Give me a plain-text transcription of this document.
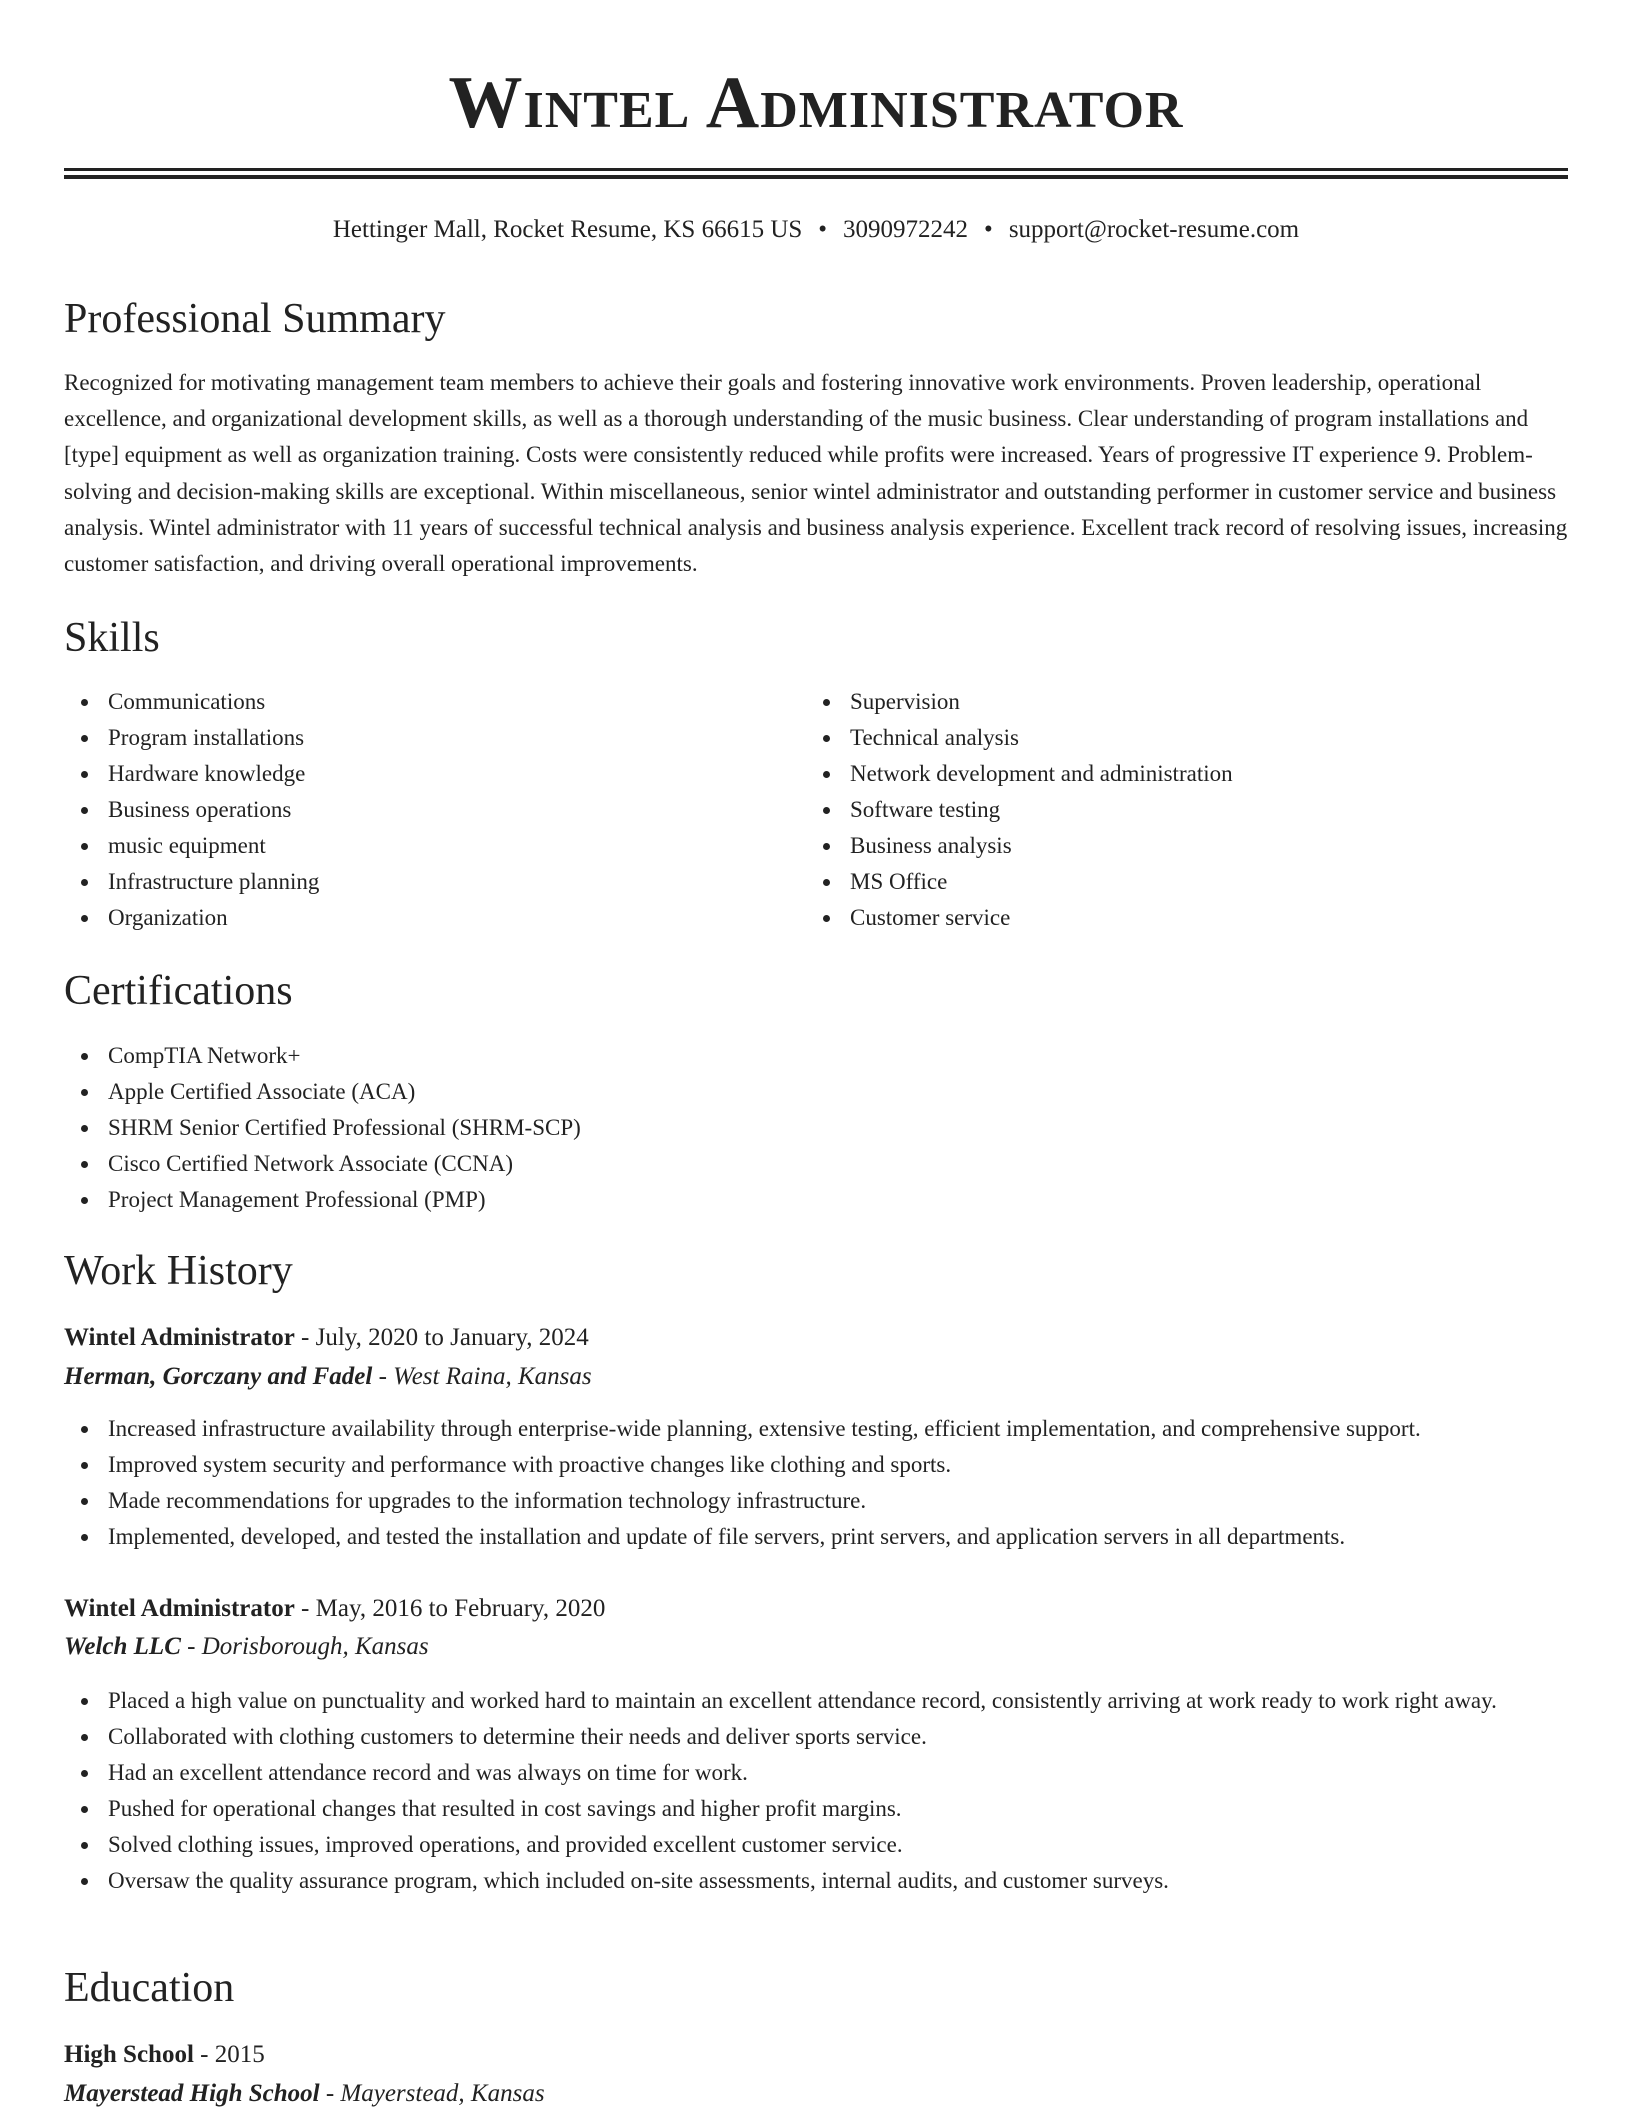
Wintel Administrator
Hettinger Mall, Rocket Resume, KS 66615 US • 3090972242 • support@rocket-resume.com
Professional Summary

Recognized for motivating management team members to achieve their goals and fostering innovative work environments. Proven leadership, operational excellence, and organizational development skills, as well as a thorough understanding of the music business. Clear understanding of program installations and [type] equipment as well as organization training. Costs were consistently reduced while profits were increased. Years of progressive IT experience 9. Problem-solving and decision-making skills are exceptional. Within miscellaneous, senior wintel administrator and outstanding performer in customer service and business analysis. Wintel administrator with 11 years of successful technical analysis and business analysis experience. Excellent track record of resolving issues, increasing customer satisfaction, and driving overall operational improvements.

Skills
Communications
Program installations
Hardware knowledge
Business operations
music equipment
Infrastructure planning
Organization
Supervision
Technical analysis
Network development and administration
Software testing
Business analysis
MS Office
Customer service
Certifications
CompTIA Network+
Apple Certified Associate (ACA)
SHRM Senior Certified Professional (SHRM-SCP)
Cisco Certified Network Associate (CCNA)
Project Management Professional (PMP)
Work History
Wintel Administrator - July, 2020 to January, 2024
Herman, Gorczany and Fadel - West Raina, Kansas
Increased infrastructure availability through enterprise-wide planning, extensive testing, efficient implementation, and comprehensive support.
Improved system security and performance with proactive changes like clothing and sports.
Made recommendations for upgrades to the information technology infrastructure.
Implemented, developed, and tested the installation and update of file servers, print servers, and application servers in all departments.
Wintel Administrator - May, 2016 to February, 2020
Welch LLC - Dorisborough, Kansas
Placed a high value on punctuality and worked hard to maintain an excellent attendance record, consistently arriving at work ready to work right away.
Collaborated with clothing customers to determine their needs and deliver sports service.
Had an excellent attendance record and was always on time for work.
Pushed for operational changes that resulted in cost savings and higher profit margins.
Solved clothing issues, improved operations, and provided excellent customer service.
Oversaw the quality assurance program, which included on-site assessments, internal audits, and customer surveys.
Education
High School - 2015
Mayerstead High School - Mayerstead, Kansas
